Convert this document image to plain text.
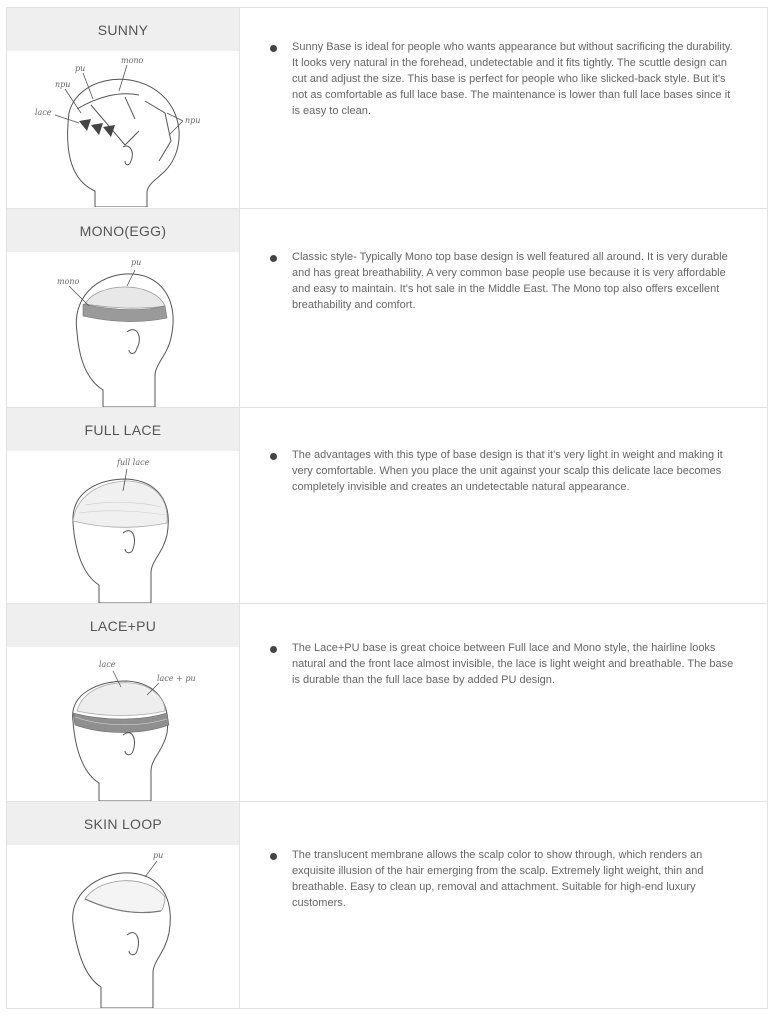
SUNNY
pu
mono
npu
lace
npu
Sunny Base is ideal for people who wants appearance but without sacrificing the durability. It looks very natural in the forehead, undetectable and it fits tightly. The scuttle design can cut and adjust the size. This base is perfect for people who like slicked-back style. But it's not as comfortable as full lace base. The maintenance is lower than full lace bases since it is easy to clean.
MONO(EGG)
pu
mono
Classic style- Typically Mono top base design is well featured all around. It is very durable and has great breathability. A very common base people use because it is very affordable and easy to maintain. It's hot sale in the Middle East. The Mono top also offers excellent breathability and comfort.
FULL LACE
full lace
The advantages with this type of base design is that it's very light in weight and making it very comfortable. When you place the unit against your scalp this delicate lace becomes completely invisible and creates an undetectable natural appearance.
LACE+PU
lace
lace + pu
The Lace+PU base is great choice between Full lace and Mono style, the hairline looks natural and the front lace almost invisible, the lace is light weight and breathable. The base is durable than the full lace base by added PU design.
SKIN LOOP
pu	The translucent membrane allows the scalp color to show through, which renders an exquisite illusion of the hair emerging from the scalp. Extremely light weight, thin and breathable. Easy to clean up, removal and attachment. Suitable for high-end luxury customers.
